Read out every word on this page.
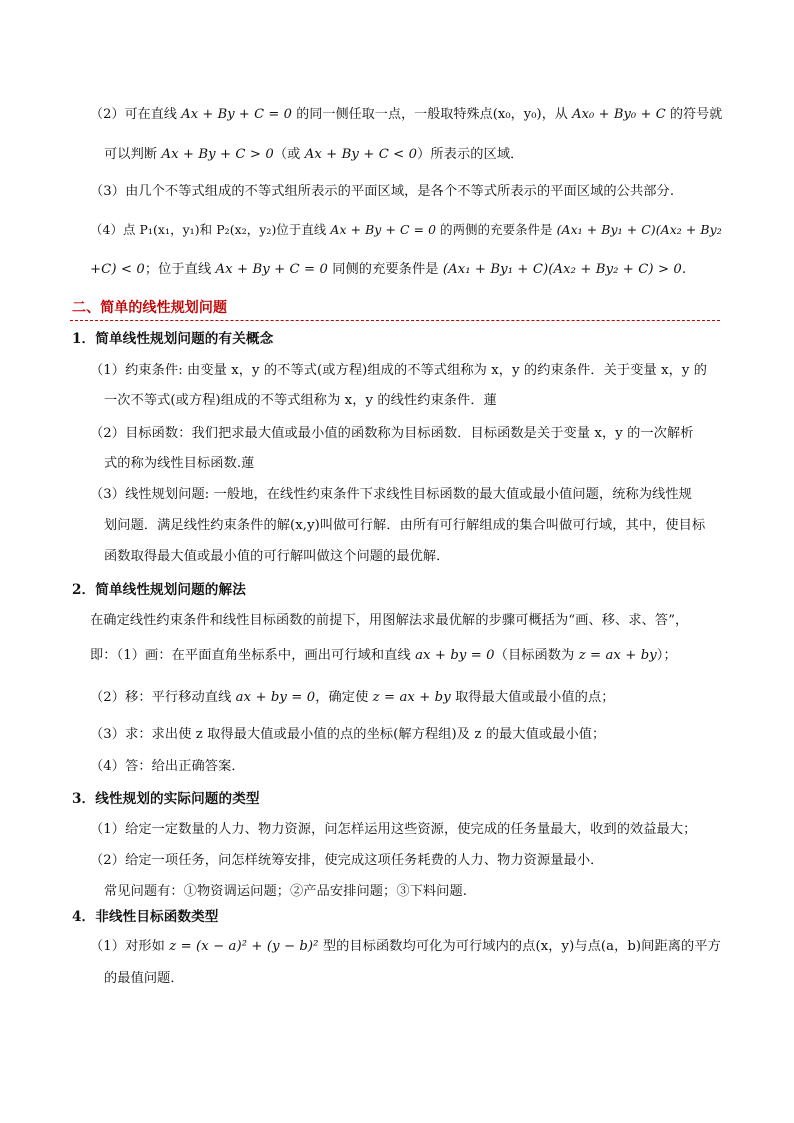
（2）可在直线 Ax + By + C = 0 的同一侧任取一点，一般取特殊点(x₀，y₀)，从 Ax₀ + By₀ + C 的符号就
可以判断 Ax + By + C > 0（或 Ax + By + C < 0）所表示的区域．
（3）由几个不等式组成的不等式组所表示的平面区域，是各个不等式所表示的平面区域的公共部分.
（4）点 P₁(x₁，y₁)和 P₂(x₂，y₂)位于直线 Ax + By + C = 0 的两侧的充要条件是 (Ax₁ + By₁ + C)(Ax₂ + By₂
+C) < 0；位于直线 Ax + By + C = 0 同侧的充要条件是 (Ax₁ + By₁ + C)(Ax₂ + By₂ + C) > 0.
二、简单的线性规划问题
1．简单线性规划问题的有关概念
（1）约束条件: 由变量 x，y 的不等式(或方程)组成的不等式组称为 x，y 的约束条件．关于变量 x，y 的
一次不等式(或方程)组成的不等式组称为 x，y 的线性约束条件．蓮
（2）目标函数：我们把求最大值或最小值的函数称为目标函数．目标函数是关于变量 x，y 的一次解析
式的称为线性目标函数.蓮
（3）线性规划问题: 一般地，在线性约束条件下求线性目标函数的最大值或最小值问题，统称为线性规
划问题．满足线性约束条件的解(x,y)叫做可行解．由所有可行解组成的集合叫做可行域，其中，使目标
函数取得最大值或最小值的可行解叫做这个问题的最优解．
2．简单线性规划问题的解法
在确定线性约束条件和线性目标函数的前提下，用图解法求最优解的步骤可概括为“画、移、求、答”，
即：（1）画：在平面直角坐标系中，画出可行域和直线 ax + by = 0（目标函数为 z = ax + by）；
（2）移：平行移动直线 ax + by = 0，确定使 z = ax + by 取得最大值或最小值的点；
（3）求：求出使 z 取得最大值或最小值的点的坐标(解方程组)及 z 的最大值或最小值；
（4）答：给出正确答案．
3．线性规划的实际问题的类型
（1）给定一定数量的人力、物力资源，问怎样运用这些资源，使完成的任务量最大，收到的效益最大；
（2）给定一项任务，问怎样统筹安排，使完成这项任务耗费的人力、物力资源量最小．
常见问题有：①物资调运问题；②产品安排问题；③下料问题.
4．非线性目标函数类型
（1）对形如 z = (x − a)² + (y − b)² 型的目标函数均可化为可行域内的点(x，y)与点(a，b)间距离的平方
的最值问题．
